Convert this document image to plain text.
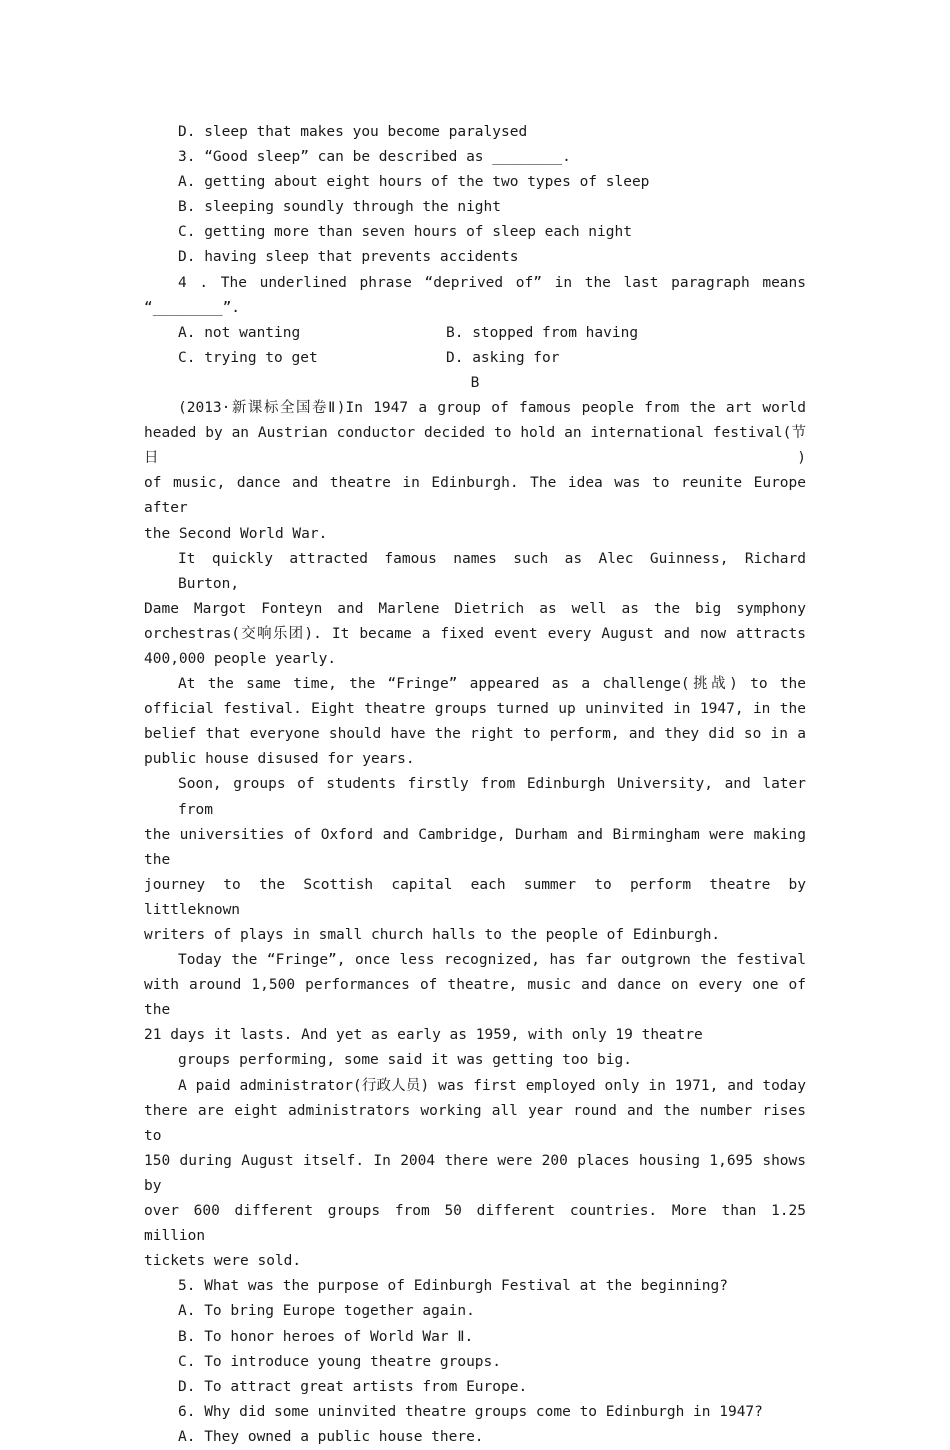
D. sleep that makes you become paralysed

3. “Good sleep” can be described as ________.

A. getting about eight hours of the two types of sleep

B. sleeping soundly through the night

C. getting more than seven hours of sleep each night

D. having sleep that prevents accidents

4 . The underlined phrase “deprived of” in the last paragraph means

“________”.

A. not wanting	B. stopped from having
C. trying to get	D. asking for

B

(2013·新课标全国卷Ⅱ)In 1947 a group of famous people from the art world

headed by an Austrian conductor decided to hold an international festival(节日)

of music, dance and theatre in Edinburgh. The idea was to reunite Europe after

the Second World War.

It quickly attracted famous names such as Alec Guinness, Richard Burton,

Dame Margot Fonteyn and Marlene Dietrich as well as the big symphony

orchestras(交响乐团). It became a fixed event every August and now attracts

400,000 people yearly.

At the same time, the “Fringe” appeared as a challenge(挑战) to the

official festival. Eight theatre groups turned up uninvited in 1947, in the

belief that everyone should have the right to perform, and they did so in a

public house disused for years.

Soon, groups of students firstly from Edinburgh University, and later from

the universities of Oxford and Cambridge, Durham and Birmingham were making the

journey to the Scottish capital each summer to perform theatre by littleknown

writers of plays in small church halls to the people of Edinburgh.

Today the “Fringe”, once less recognized, has far outgrown the festival

with around 1,500 performances of theatre, music and dance on every one of the

21 days it lasts. And yet as early as 1959, with only 19 theatre

groups performing, some said it was getting too big.

A paid administrator(行政人员) was first employed only in 1971, and today

there are eight administrators working all year round and the number rises to

150 during August itself. In 2004 there were 200 places housing 1,695 shows by

over 600 different groups from 50 different countries. More than 1.25 million

tickets were sold.

5. What was the purpose of Edinburgh Festival at the beginning?

A. To bring Europe together again.

B. To honor heroes of World War Ⅱ.

C. To introduce young theatre groups.

D. To attract great artists from Europe.

6. Why did some uninvited theatre groups come to Edinburgh in 1947?

A. They owned a public house there.
